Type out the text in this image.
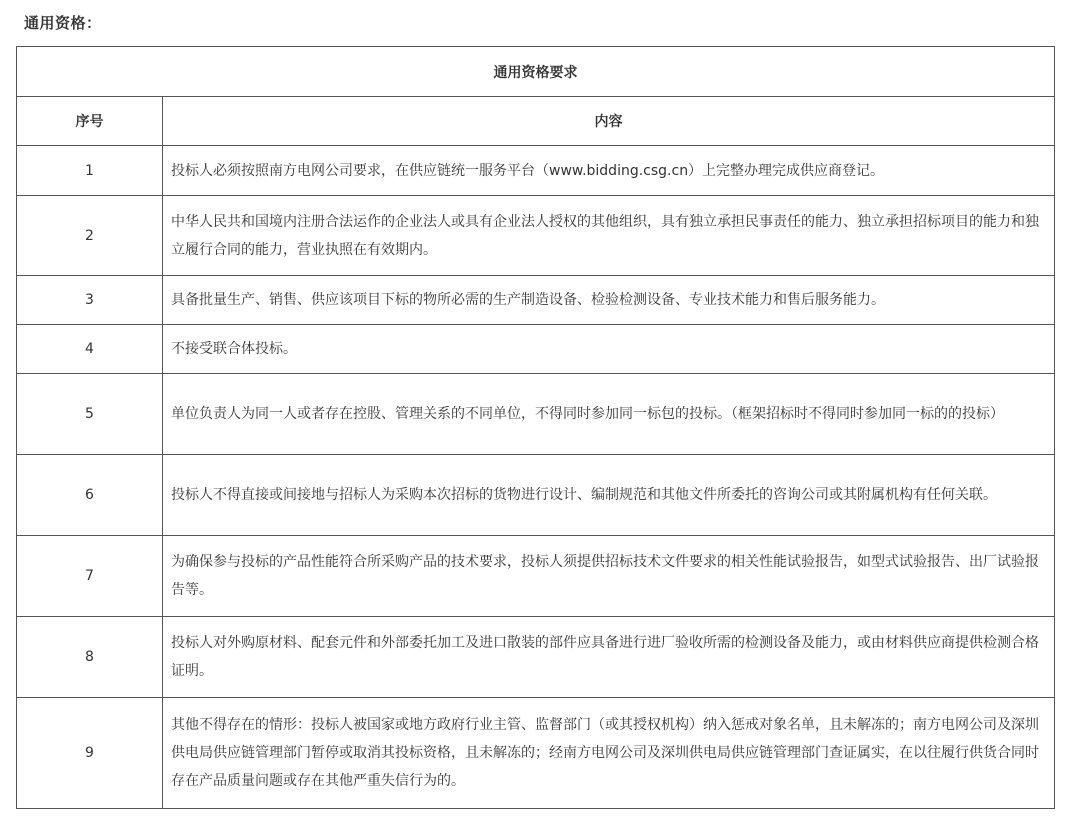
通用资格：
通用资格要求	
序号	内容
1	投标人必须按照南方电网公司要求，在供应链统一服务平台（www.bidding.csg.cn）上完整办理完成供应商登记。
2	中华人民共和国境内注册合法运作的企业法人或具有企业法人授权的其他组织，具有独立承担民事责任的能力、独立承担招标项目的能力和独立履行合同的能力，营业执照在有效期内。
3	具备批量生产、销售、供应该项目下标的物所必需的生产制造设备、检验检测设备、专业技术能力和售后服务能力。
4	不接受联合体投标。
5	单位负责人为同一人或者存在控股、管理关系的不同单位，不得同时参加同一标包的投标。（框架招标时不得同时参加同一标的的投标）
6	投标人不得直接或间接地与招标人为采购本次招标的货物进行设计、编制规范和其他文件所委托的咨询公司或其附属机构有任何关联。
7	为确保参与投标的产品性能符合所采购产品的技术要求，投标人须提供招标技术文件要求的相关性能试验报告，如型式试验报告、出厂试验报告等。
8	投标人对外购原材料、配套元件和外部委托加工及进口散装的部件应具备进行进厂验收所需的检测设备及能力，或由材料供应商提供检测合格证明。
9	其他不得存在的情形：投标人被国家或地方政府行业主管、监督部门（或其授权机构）纳入惩戒对象名单，且未解冻的；南方电网公司及深圳供电局供应链管理部门暂停或取消其投标资格，且未解冻的；经南方电网公司及深圳供电局供应链管理部门查证属实，在以往履行供货合同时存在产品质量问题或存在其他严重失信行为的。
